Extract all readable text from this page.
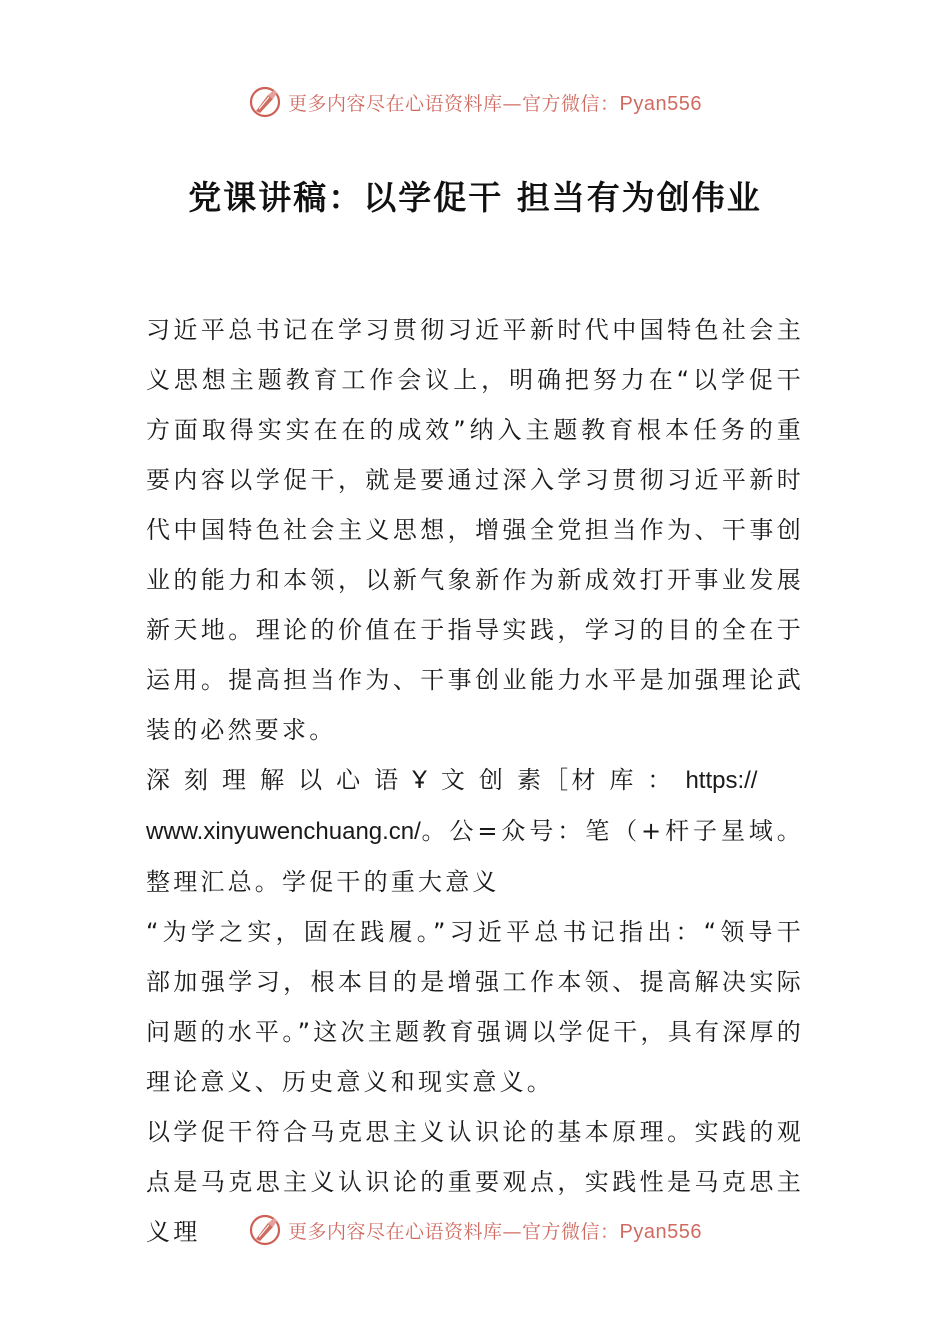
更多内容尽在心语资料库—官方微信：Pyan556
党课讲稿：以学促干 担当有为创伟业

习近平总书记在学习贯彻习近平新时代中国特色社会主义思想主题教育工作会议上，明确把努力在“以学促干方面取得实实在在的成效”纳入主题教育根本任务的重要内容以学促干，就是要通过深入学习贯彻习近平新时代中国特色社会主义思想，增强全党担当作为、干事创业的能力和本领，以新气象新作为新成效打开事业发展新天地。理论的价值在于指导实践，学习的目的全在于运用。提高担当作为、干事创业能力水平是加强理论武装的必然要求。

深 刻 理 解 以 心 语 Ұ 文 创 素［材 库 ： https://
www.xinyuwenchuang.cn/。公=众号：笔（+杆子星域。整理汇总。学促干的重大意义

“为学之实，固在践履。”习近平总书记指出：“领导干部加强学习，根本目的是增强工作本领、提高解决实际问题的水平。”这次主题教育强调以学促干，具有深厚的理论意义、历史意义和现实意义。

以学促干符合马克思主义认识论的基本原理。实践的观点是马克思主义认识论的重要观点，实践性是马克思主义理	更多内容尽在心语资料库—官方微信：Pyan556
